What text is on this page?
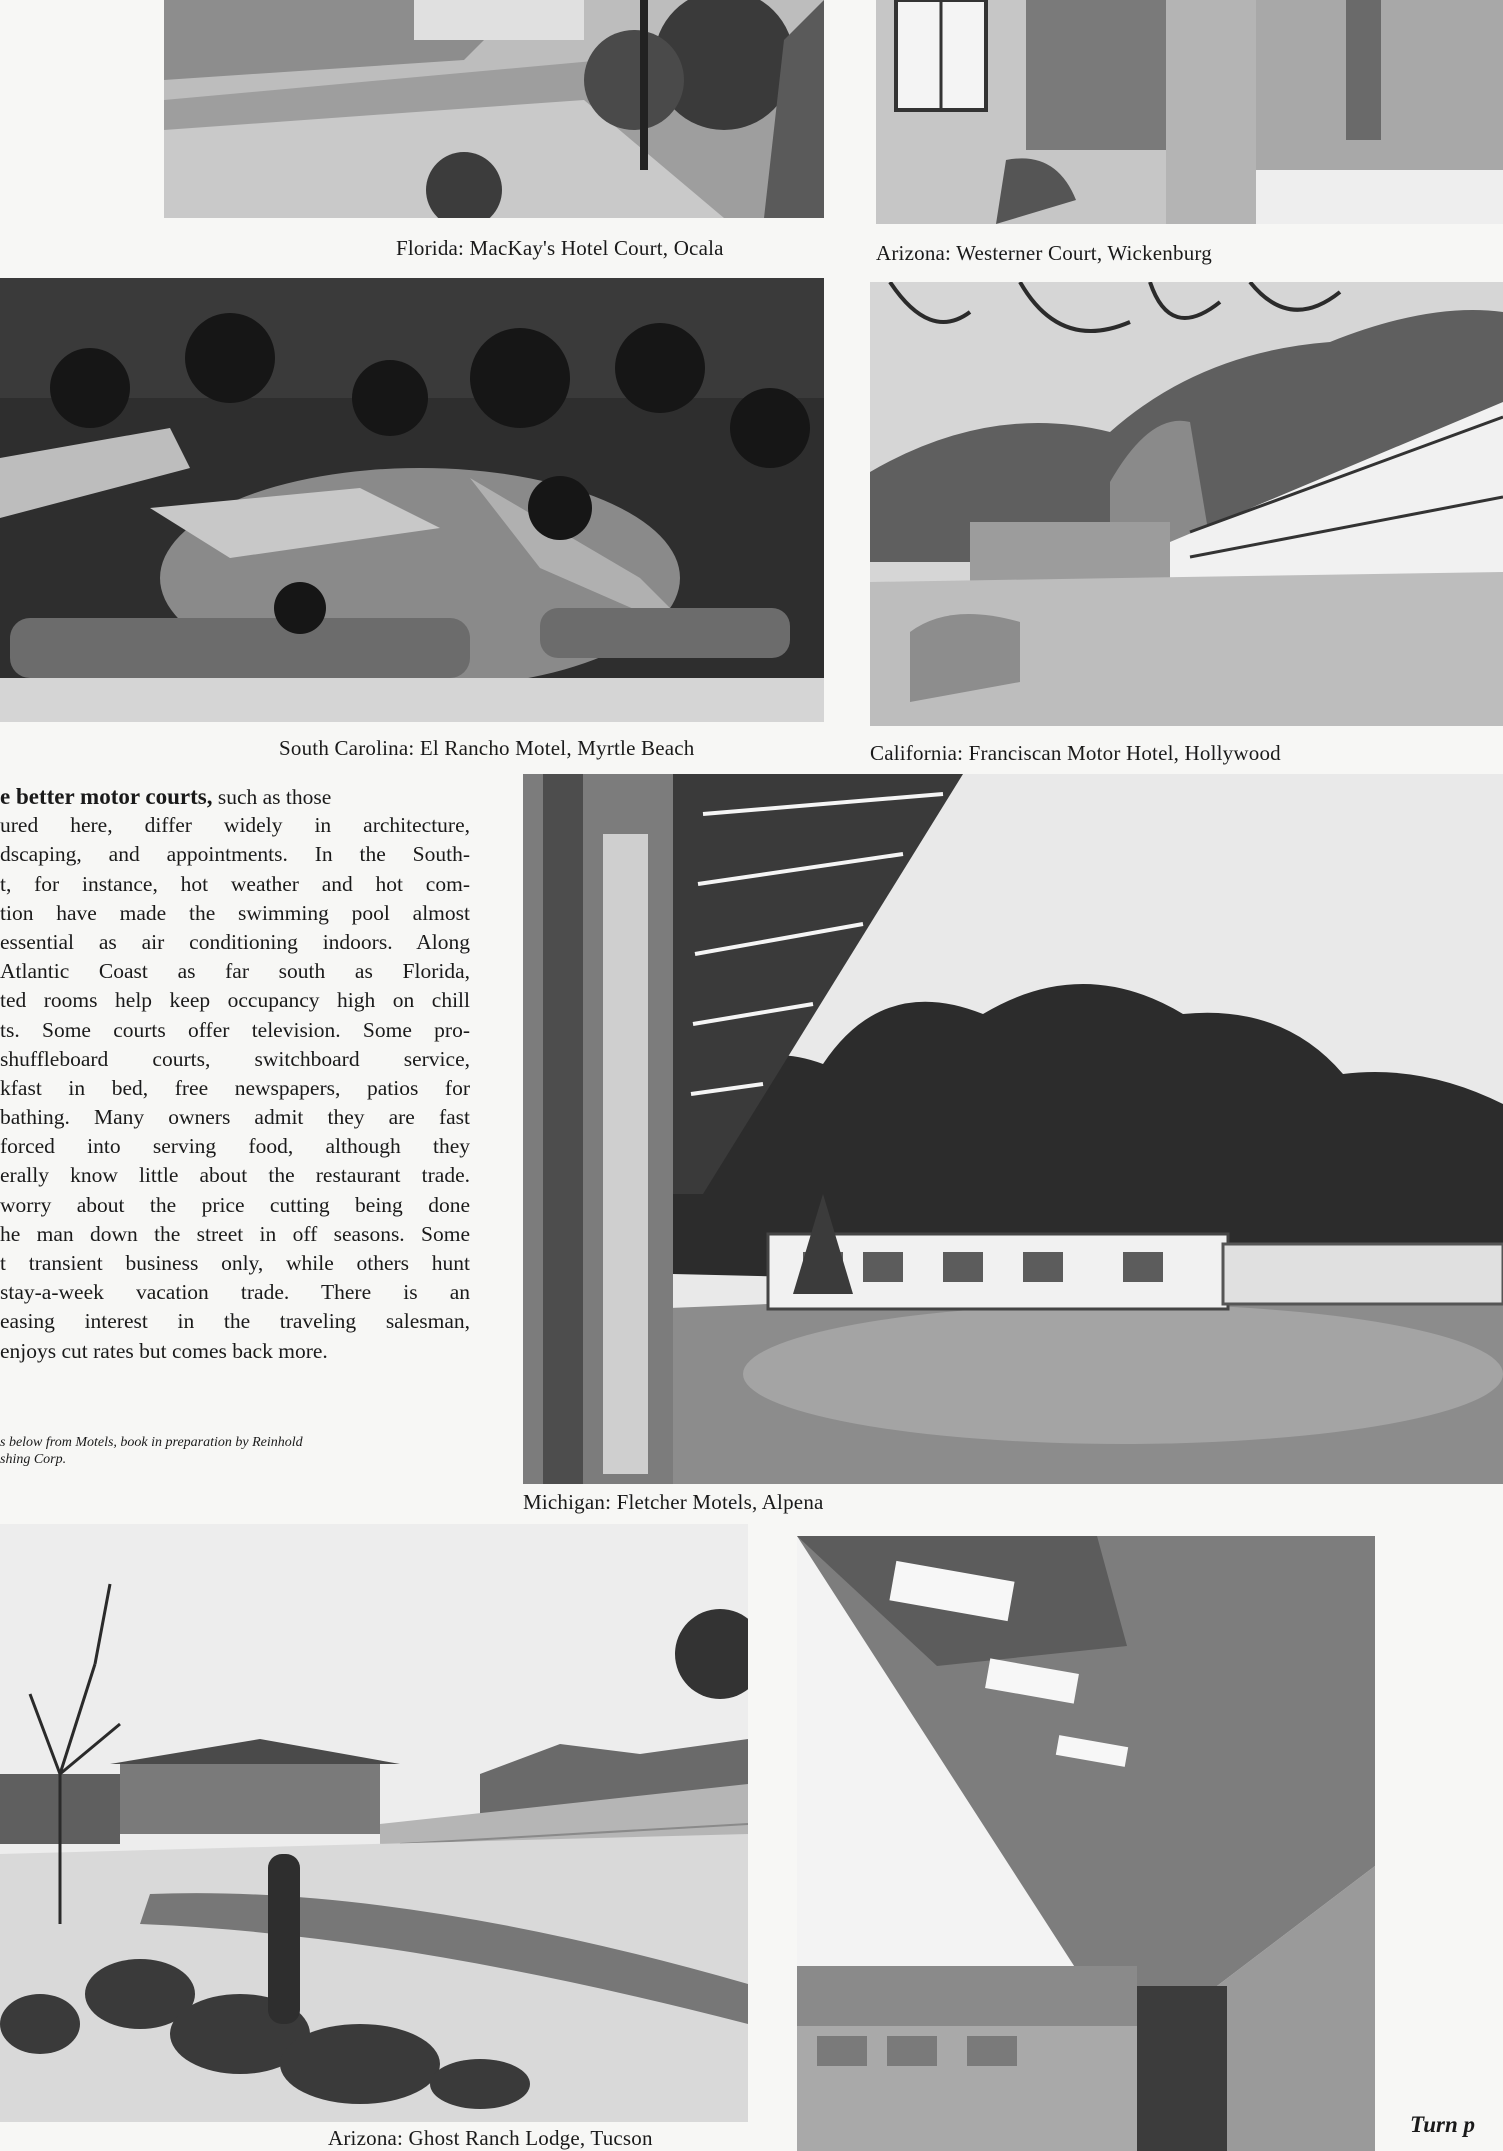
Florida: MacKay's Hotel Court, Ocala	Arizona: Westerner Court, Wickenburg
South Carolina: El Rancho Motel, Myrtle Beach	California: Franciscan Motor Hotel, Hollywood
e better motor courts, such as those
ured here, differ widely in architecture,
dscaping, and appointments. In the South-
t, for instance, hot weather and hot com-
tion have made the swimming pool almost
essential as air conditioning indoors. Along
Atlantic Coast as far south as Florida,
ted rooms help keep occupancy high on chill
ts. Some courts offer television. Some pro-
shuffleboard courts, switchboard service,
kfast in bed, free newspapers, patios for
bathing. Many owners admit they are fast
forced into serving food, although they
erally know little about the restaurant trade.
worry about the price cutting being done
he man down the street in off seasons. Some
t transient business only, while others hunt
stay-a-week vacation trade. There is an
easing interest in the traveling salesman,
enjoys cut rates but comes back more.
s below from Motels, book in preparation by Reinhold
shing Corp.
Michigan: Fletcher Motels, Alpena
Arizona: Ghost Ranch Lodge, Tucson
Turn p
